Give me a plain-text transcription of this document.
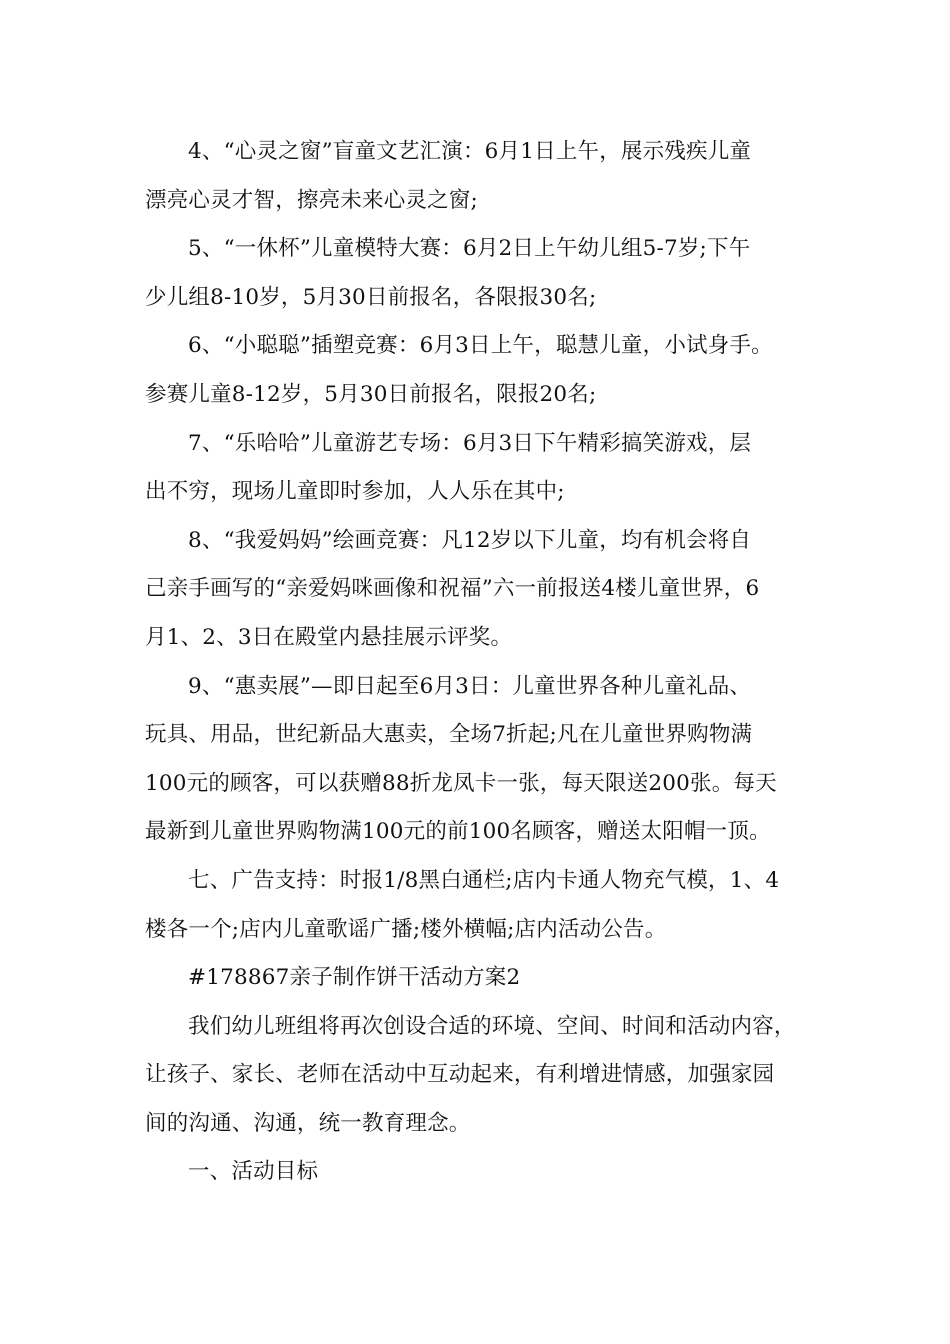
4、“心灵之窗”盲童文艺汇演：6月1日上午，展示残疾儿童
漂亮心灵才智，擦亮未来心灵之窗;
5、“一休杯”儿童模特大赛：6月2日上午幼儿组5-7岁;下午
少儿组8-10岁，5月30日前报名，各限报30名;
6、“小聪聪”插塑竞赛：6月3日上午，聪慧儿童，小试身手。
参赛儿童8-12岁，5月30日前报名，限报20名;
7、“乐哈哈”儿童游艺专场：6月3日下午精彩搞笑游戏，层
出不穷，现场儿童即时参加，人人乐在其中;
8、“我爱妈妈”绘画竞赛：凡12岁以下儿童，均有机会将自
己亲手画写的“亲爱妈咪画像和祝福”六一前报送4楼儿童世界，6
月1、2、3日在殿堂内悬挂展示评奖。
9、“惠卖展”—即日起至6月3日：儿童世界各种儿童礼品、
玩具、用品，世纪新品大惠卖，全场7折起;凡在儿童世界购物满
100元的顾客，可以获赠88折龙凤卡一张，每天限送200张。每天
最新到儿童世界购物满100元的前100名顾客，赠送太阳帽一顶。
七、广告支持：时报1/8黑白通栏;店内卡通人物充气模，1、4
楼各一个;店内儿童歌谣广播;楼外横幅;店内活动公告。
#178867亲子制作饼干活动方案2
我们幼儿班组将再次创设合适的环境、空间、时间和活动内容，
让孩子、家长、老师在活动中互动起来，有利增进情感，加强家园
间的沟通、沟通，统一教育理念。
一、活动目标
